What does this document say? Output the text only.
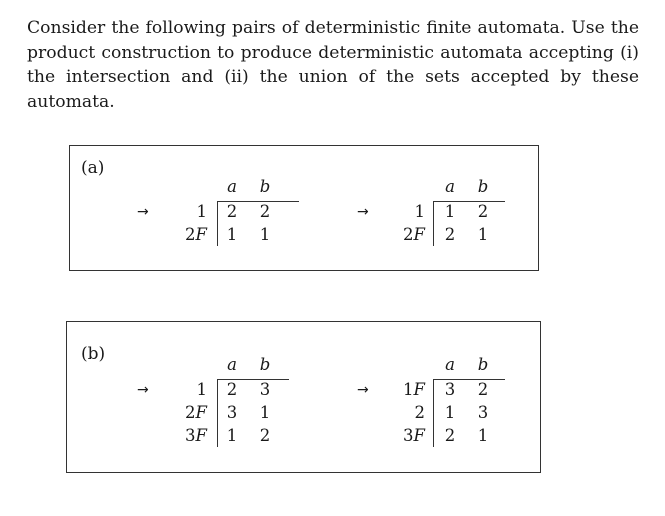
Consider the following pairs of deterministic finite automata. Use the product construction to produce deterministic automata accepting (i) the intersection and (ii) the union of the sets accepted by these automata.

(a)
a	b
→	1	2	2
2F	1	1
a	b
→	1	1	2
2F	2	1
(b)
a	b
→	1	2	3
2F	3	1
3F	1	2
a	b
→	1F	3	2
2	1	3
3F	2	1
